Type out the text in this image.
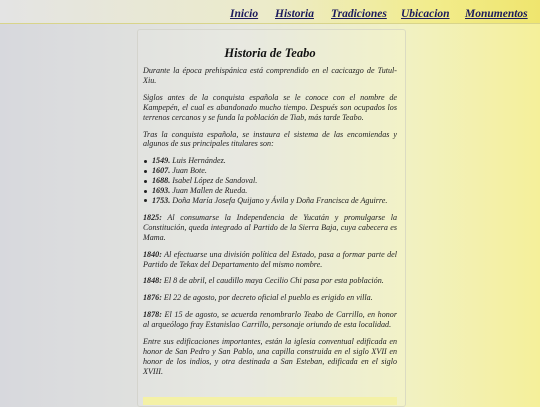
Inicio Historia Tradiciones Ubicacion Monumentos
Historia de Teabo

Durante la época prehispánica está comprendido en el cacicazgo de Tutul-Xiu.

Siglos antes de la conquista española se le conoce con el nombre de Kampepén, el cual es abandonado mucho tiempo. Después son ocupados los terrenos cercanos y se funda la población de Tiab, más tarde Teabo.

Tras la conquista española, se instaura el sistema de las encomiendas y algunos de sus principales titulares son:

1549. Luis Hernández.
1607. Juan Bote.
1688. Isabel López de Sandoval.
1693. Juan Mallen de Rueda.
1753. Doña María Josefa Quijano y Ávila y Doña Francisca de Aguirre.

1825: Al consumarse la Independencia de Yucatán y promulgarse la Constitución, queda integrado al Partido de la Sierra Baja, cuya cabecera es Mama.

1840: Al efectuarse una división política del Estado, pasa a formar parte del Partido de Tekax del Departamento del mismo nombre.

1848: El 8 de abril, el caudillo maya Cecilio Chi pasa por esta población.

1876: El 22 de agosto, por decreto oficial el pueblo es erigido en villa.

1878: El 15 de agosto, se acuerda renombrarlo Teabo de Carrillo, en honor al arqueólogo fray Estanislao Carrillo, personaje oriundo de esta localidad.

Entre sus edificaciones importantes, están la iglesia conventual edificada en honor de San Pedro y San Pablo, una capilla construida en el siglo XVII en honor de los indios, y otra destinada a San Esteban, edificada en el siglo XVIII.
